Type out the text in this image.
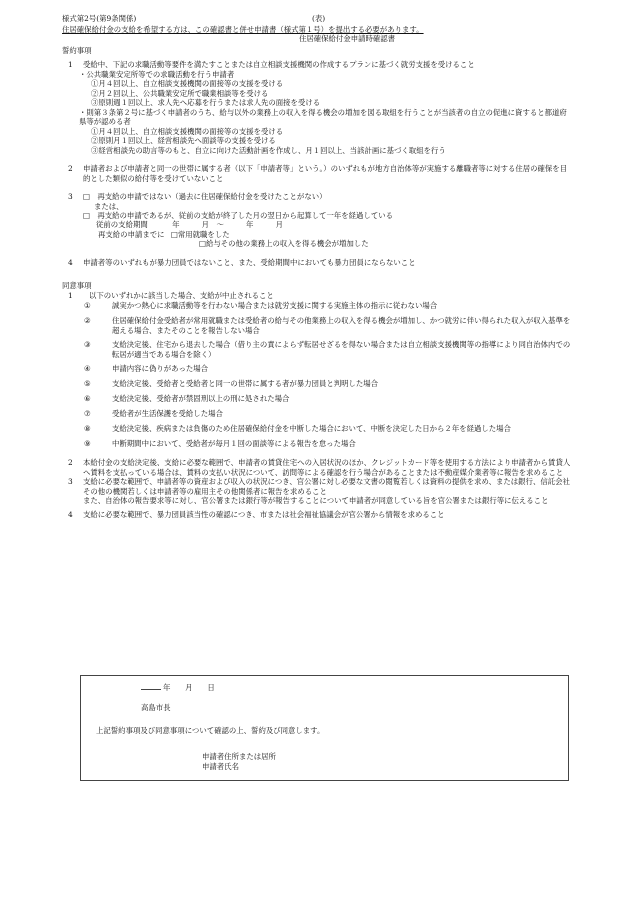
様式第2号(第9条関係)	(表)
住居確保給付金の支給を希望する方は、この確認書と併せ申請書（様式第１号）を提出する必要があります。
住居確保給付金申請時確認書
誓約事項
1	受給中、下記の求職活動等要件を満たすことまたは自立相談支援機関の作成するプランに基づく就労支援を受けること
・公共職業安定所等での求職活動を行う申請者
①月４回以上、自立相談支援機関の面接等の支援を受ける
②月２回以上、公共職業安定所で職業相談等を受ける
③原則週１回以上、求人先へ応募を行うまたは求人先の面接を受ける
・則第３条第２号に基づく申請者のうち、給与以外の業務上の収入を得る機会の増加を図る取組を行うことが当該者の自立の促進に資すると都道府県等が認める者
①月４回以上、自立相談支援機関の面接等の支援を受ける
②原則月１回以上、経営相談先へ面談等の支援を受ける
③経営相談先の助言等のもと、自立に向けた活動計画を作成し、月１回以上、当該計画に基づく取組を行う
2	申請者および申請者と同一の世帯に属する者（以下「申請者等」という。）のいずれもが地方自治体等が実施する離職者等に対する住居の確保を目的とした類似の給付等を受けていないこと
3	□　再支給の申請ではない（過去に住居確保給付金を受けたことがない）
または、
□　再支給の申請であるが、従前の支給が終了した月の翌日から起算して一年を経過している
従前の支給期間	年　　　月　〜　　　年　　　月
再支給の申請までに □常用就職をした
□給与その他の業務上の収入を得る機会が増加した
4	申請者等のいずれもが暴力団員ではないこと、また、受給期間中においても暴力団員にならないこと
同意事項
1	以下のいずれかに該当した場合、支給が中止されること
①	誠実かつ熱心に求職活動等を行わない場合または就労支援に関する実施主体の指示に従わない場合
②	住居確保給付金受給者が常用就職または受給者の給与その他業務上の収入を得る機会が増加し、かつ就労に伴い得られた収入が収入基準を超える場合、またそのことを報告しない場合
③	支給決定後、住宅から退去した場合（借り主の責によらず転居せざるを得ない場合または自立相談支援機関等の指導により同自治体内での転居が適当である場合を除く）
④	申請内容に偽りがあった場合
⑤	支給決定後、受給者と受給者と同一の世帯に属する者が暴力団員と判明した場合
⑥	支給決定後、受給者が禁固刑以上の刑に処された場合
⑦	受給者が生活保護を受給した場合
⑧	支給決定後、疾病または負傷のため住居確保給付金を中断した場合において、中断を決定した日から２年を経過した場合
⑨	中断期間中において、受給者が毎月１回の面談等による報告を怠った場合
2	本給付金の支給決定後、支給に必要な範囲で、申請者の賃貸住宅への入居状況のほか、クレジットカード等を使用する方法により申請者から賃貸人へ賃料を支払っている場合は、賃料の支払い状況について、訪問等による確認を行う場合があることまたは不動産媒介業者等に報告を求めること
3	支給に必要な範囲で、申請者等の資産および収入の状況につき、官公署に対し必要な文書の閲覧若しくは資料の提供を求め、または銀行、信託会社その他の機関若しくは申請者等の雇用主その他関係者に報告を求めること
また、自治体の報告要求等に対し、官公署または銀行等が報告することについて申請者が同意している旨を官公署または銀行等に伝えること
4	支給に必要な範囲で、暴力団員該当性の確認につき、市または社会福祉協議会が官公署から情報を求めること
年　　月　　日
高島市長
上記誓約事項及び同意事項について確認の上、誓約及び同意します。
申請者住所または居所
申請者氏名
